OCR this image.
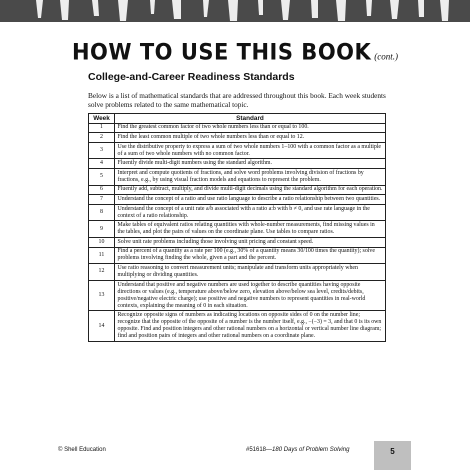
HOW TO USE THIS BOOK (cont.)
College-and-Career Readiness Standards
Below is a list of mathematical standards that are addressed throughout this book. Each week students solve problems related to the same mathematical topic.
Week	Standard
1	Find the greatest common factor of two whole numbers less than or equal to 100.
2	Find the least common multiple of two whole numbers less than or equal to 12.
3	Use the distributive property to express a sum of two whole numbers 1–100 with a common factor as a multiple of a sum of two whole numbers with no common factor.
4	Fluently divide multi-digit numbers using the standard algorithm.
5	Interpret and compute quotients of fractions, and solve word problems involving division of fractions by fractions, e.g., by using visual fraction models and equations to represent the problem.
6	Fluently add, subtract, multiply, and divide multi-digit decimals using the standard algorithm for each operation.
7	Understand the concept of a ratio and use ratio language to describe a ratio relationship between two quantities.
8	Understand the concept of a unit rate a/b associated with a ratio a:b with b ≠ 0, and use rate language in the context of a ratio relationship.
9	Make tables of equivalent ratios relating quantities with whole-number measurements, find missing values in the tables, and plot the pairs of values on the coordinate plane. Use tables to compare ratios.
10	Solve unit rate problems including those involving unit pricing and constant speed.
11	Find a percent of a quantity as a rate per 100 (e.g., 30% of a quantity means 30/100 times the quantity); solve problems involving finding the whole, given a part and the percent.
12	Use ratio reasoning to convert measurement units; manipulate and transform units appropriately when multiplying or dividing quantities.
13	Understand that positive and negative numbers are used together to describe quantities having opposite directions or values (e.g., temperature above/below zero, elevation above/below sea level, credits/debits, positive/negative electric charge); use positive and negative numbers to represent quantities in real-world contexts, explaining the meaning of 0 in each situation.
14	Recognize opposite signs of numbers as indicating locations on opposite sides of 0 on the number line; recognize that the opposite of the opposite of a number is the number itself, e.g., −(−3) = 3, and that 0 is its own opposite. Find and position integers and other rational numbers on a horizontal or vertical number line diagram; find and position pairs of integers and other rational numbers on a coordinate plane.
© Shell Education	#51618—180 Days of Problem Solving	5
